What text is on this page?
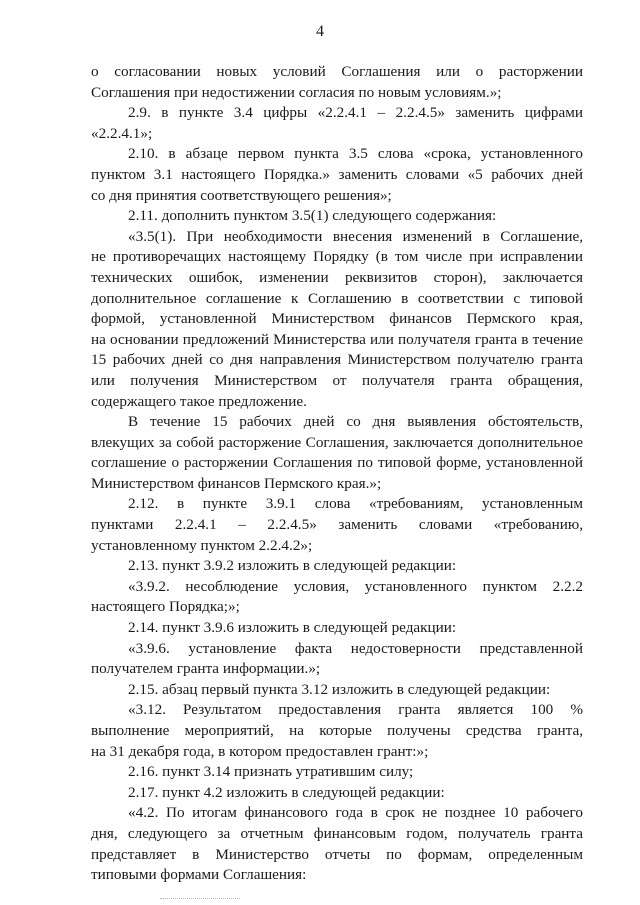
4
о согласовании новых условий Соглашения или о расторжении
Соглашения при недостижении согласия по новым условиям.»;
2.9. в пункте 3.4 цифры «2.2.4.1 – 2.2.4.5» заменить цифрами
«2.2.4.1»;
2.10. в абзаце первом пункта 3.5 слова «срока, установленного
пунктом 3.1 настоящего Порядка.» заменить словами «5 рабочих дней
со дня принятия соответствующего решения»;
2.11. дополнить пунктом 3.5(1) следующего содержания:
«3.5(1). При необходимости внесения изменений в Соглашение,
не противоречащих настоящему Порядку (в том числе при исправлении
технических ошибок, изменении реквизитов сторон), заключается
дополнительное соглашение к Соглашению в соответствии с типовой
формой, установленной Министерством финансов Пермского края,
на основании предложений Министерства или получателя гранта в течение
15 рабочих дней со дня направления Министерством получателю гранта
или получения Министерством от получателя гранта обращения,
содержащего такое предложение.
В течение 15 рабочих дней со дня выявления обстоятельств,
влекущих за собой расторжение Соглашения, заключается дополнительное
соглашение о расторжении Соглашения по типовой форме, установленной
Министерством финансов Пермского края.»;
2.12. в пункте 3.9.1 слова «требованиям, установленным
пунктами 2.2.4.1 – 2.2.4.5» заменить словами «требованию,
установленному пунктом 2.2.4.2»;
2.13. пункт 3.9.2 изложить в следующей редакции:
«3.9.2. несоблюдение условия, установленного пунктом 2.2.2
настоящего Порядка;»;
2.14. пункт 3.9.6 изложить в следующей редакции:
«3.9.6. установление факта недостоверности представленной
получателем гранта информации.»;
2.15. абзац первый пункта 3.12 изложить в следующей редакции:
«3.12. Результатом предоставления гранта является 100 %
выполнение мероприятий, на которые получены средства гранта,
на 31 декабря года, в котором предоставлен грант:»;
2.16. пункт 3.14 признать утратившим силу;
2.17. пункт 4.2 изложить в следующей редакции:
«4.2. По итогам финансового года в срок не позднее 10 рабочего
дня, следующего за отчетным финансовым годом, получатель гранта
представляет в Министерство отчеты по формам, определенным
типовыми формами Соглашения:
